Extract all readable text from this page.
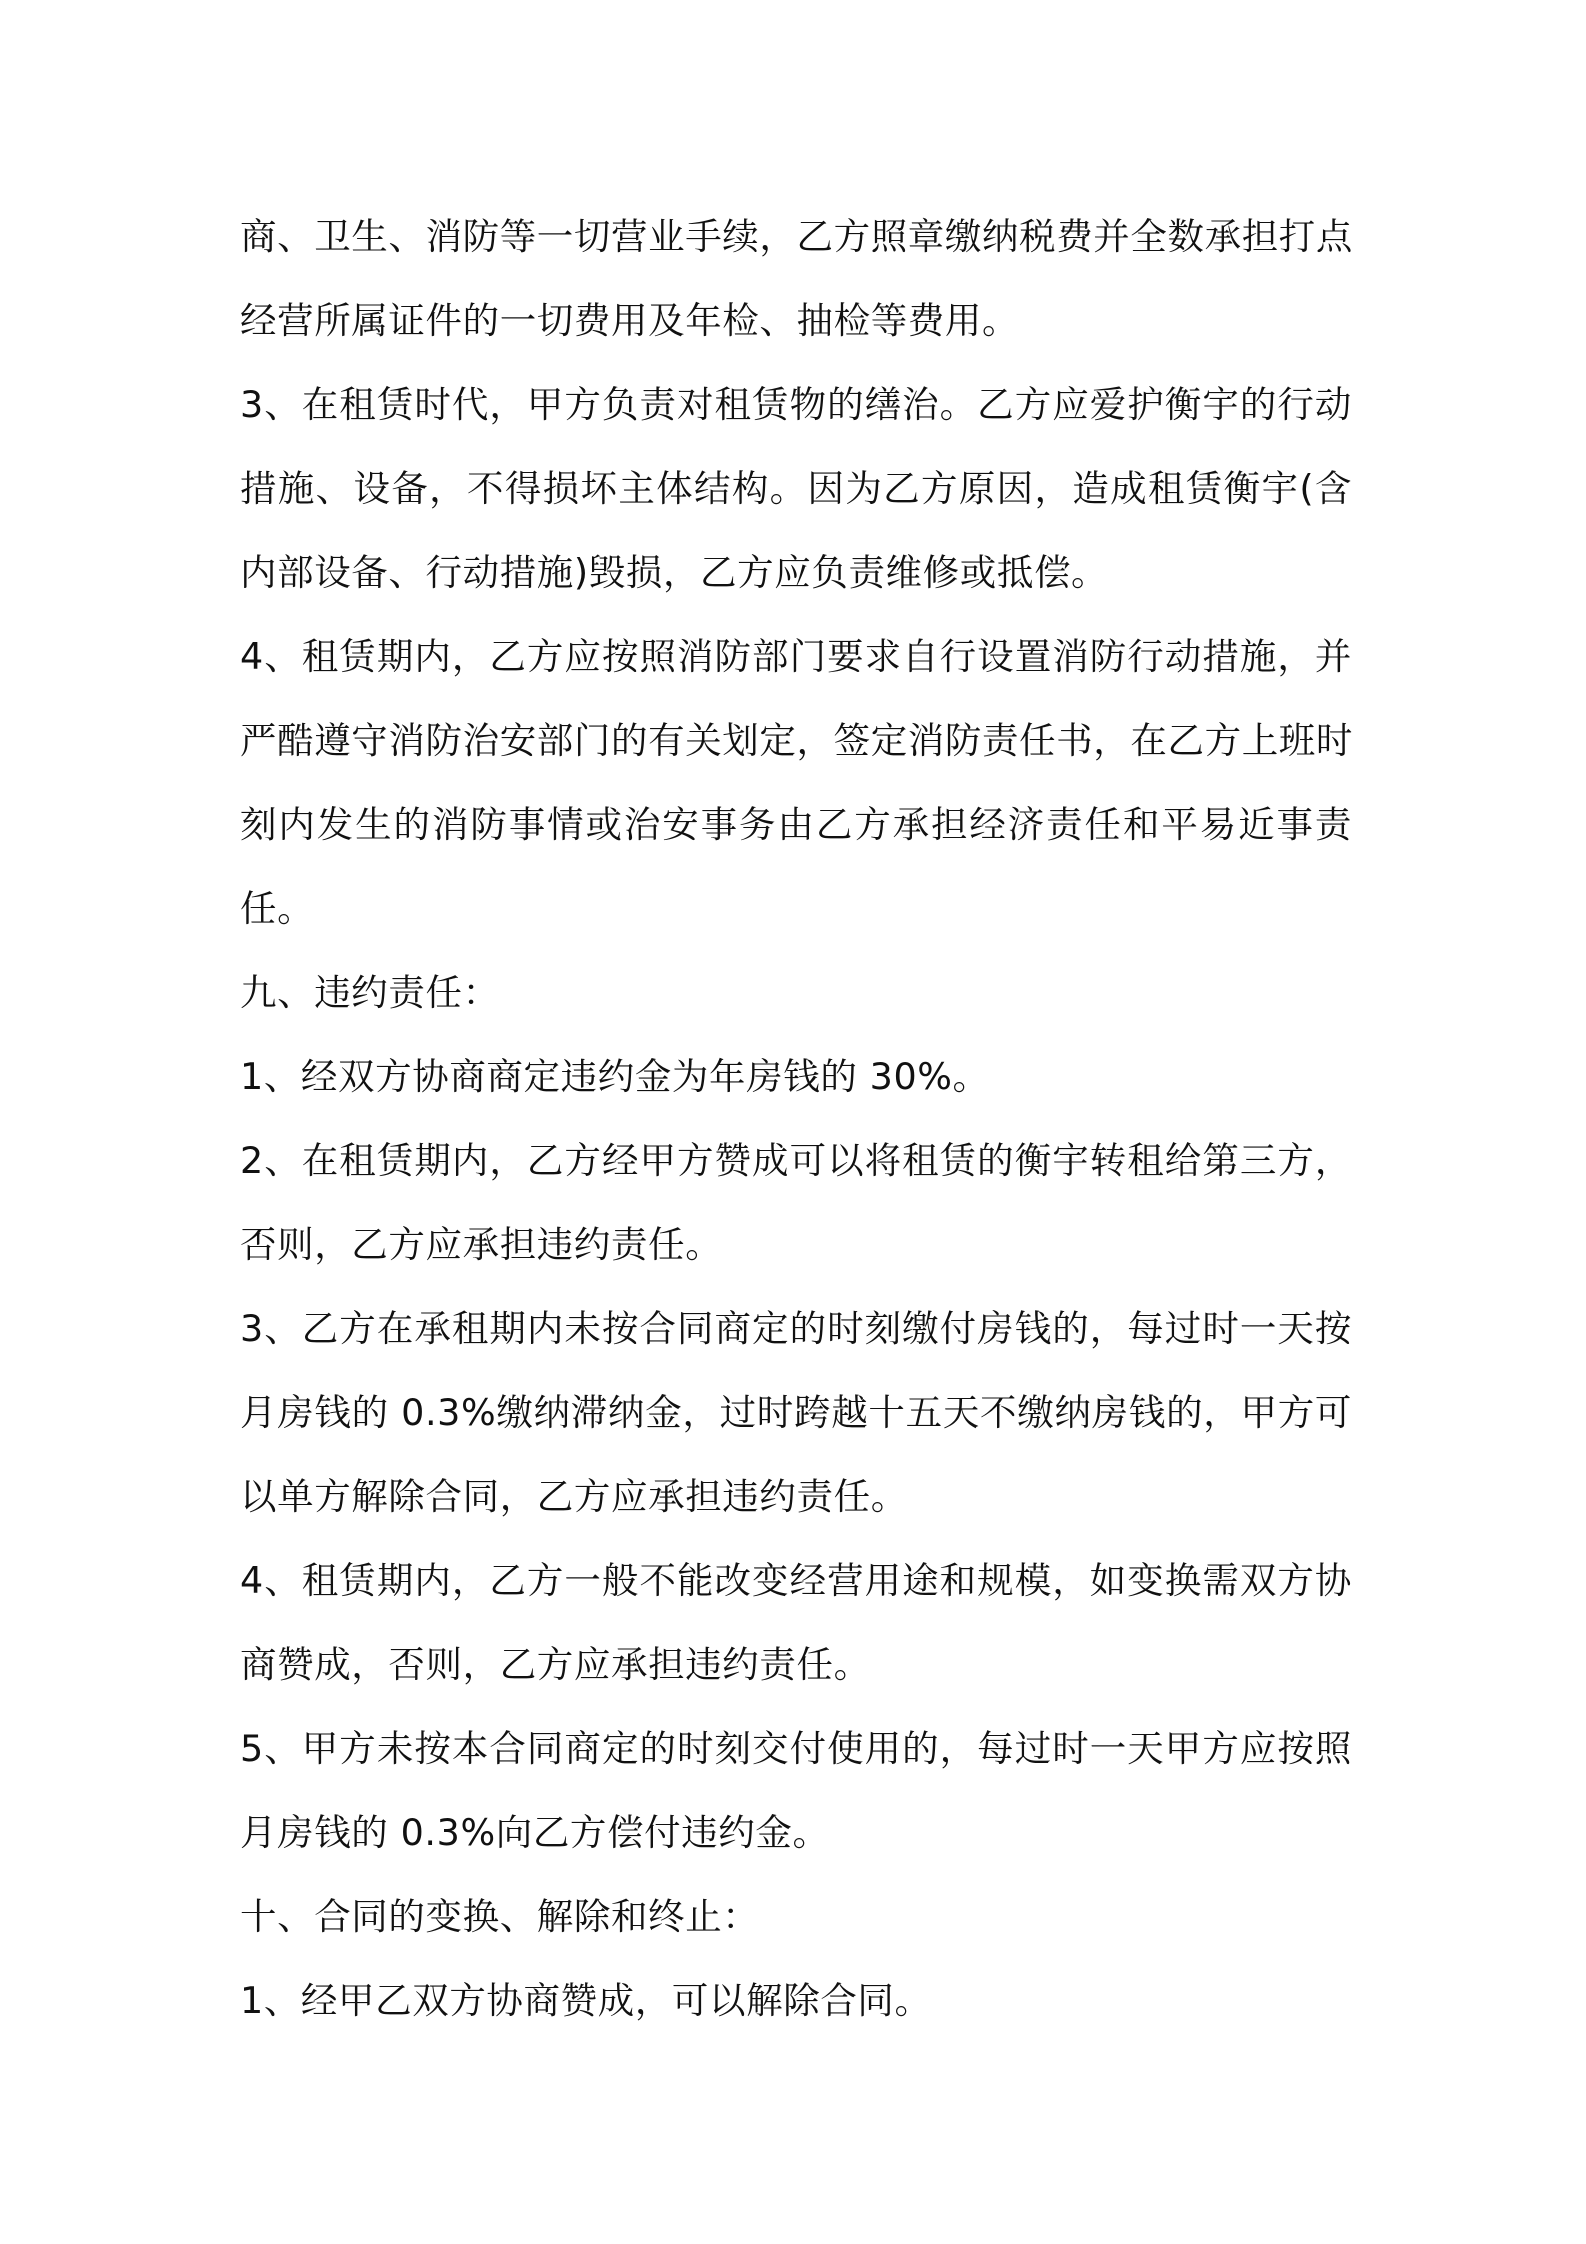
商、卫生、消防等一切营业手续，乙方照章缴纳税费并全数承担打点
经营所属证件的一切费用及年检、抽检等费用。
3、在租赁时代，甲方负责对租赁物的缮治。乙方应爱护衡宇的行动
措施、设备，不得损坏主体结构。因为乙方原因，造成租赁衡宇(含
内部设备、行动措施)毁损，乙方应负责维修或抵偿。
4、租赁期内，乙方应按照消防部门要求自行设置消防行动措施，并
严酷遵守消防治安部门的有关划定，签定消防责任书，在乙方上班时
刻内发生的消防事情或治安事务由乙方承担经济责任和平易近事责
任。
九、违约责任：
1、经双方协商商定违约金为年房钱的 30%。
2、在租赁期内，乙方经甲方赞成可以将租赁的衡宇转租给第三方，
否则，乙方应承担违约责任。
3、乙方在承租期内未按合同商定的时刻缴付房钱的，每过时一天按
月房钱的 0.3%缴纳滞纳金，过时跨越十五天不缴纳房钱的，甲方可
以单方解除合同，乙方应承担违约责任。
4、租赁期内，乙方一般不能改变经营用途和规模，如变换需双方协
商赞成，否则，乙方应承担违约责任。
5、甲方未按本合同商定的时刻交付使用的，每过时一天甲方应按照
月房钱的 0.3%向乙方偿付违约金。
十、合同的变换、解除和终止：
1、经甲乙双方协商赞成，可以解除合同。
